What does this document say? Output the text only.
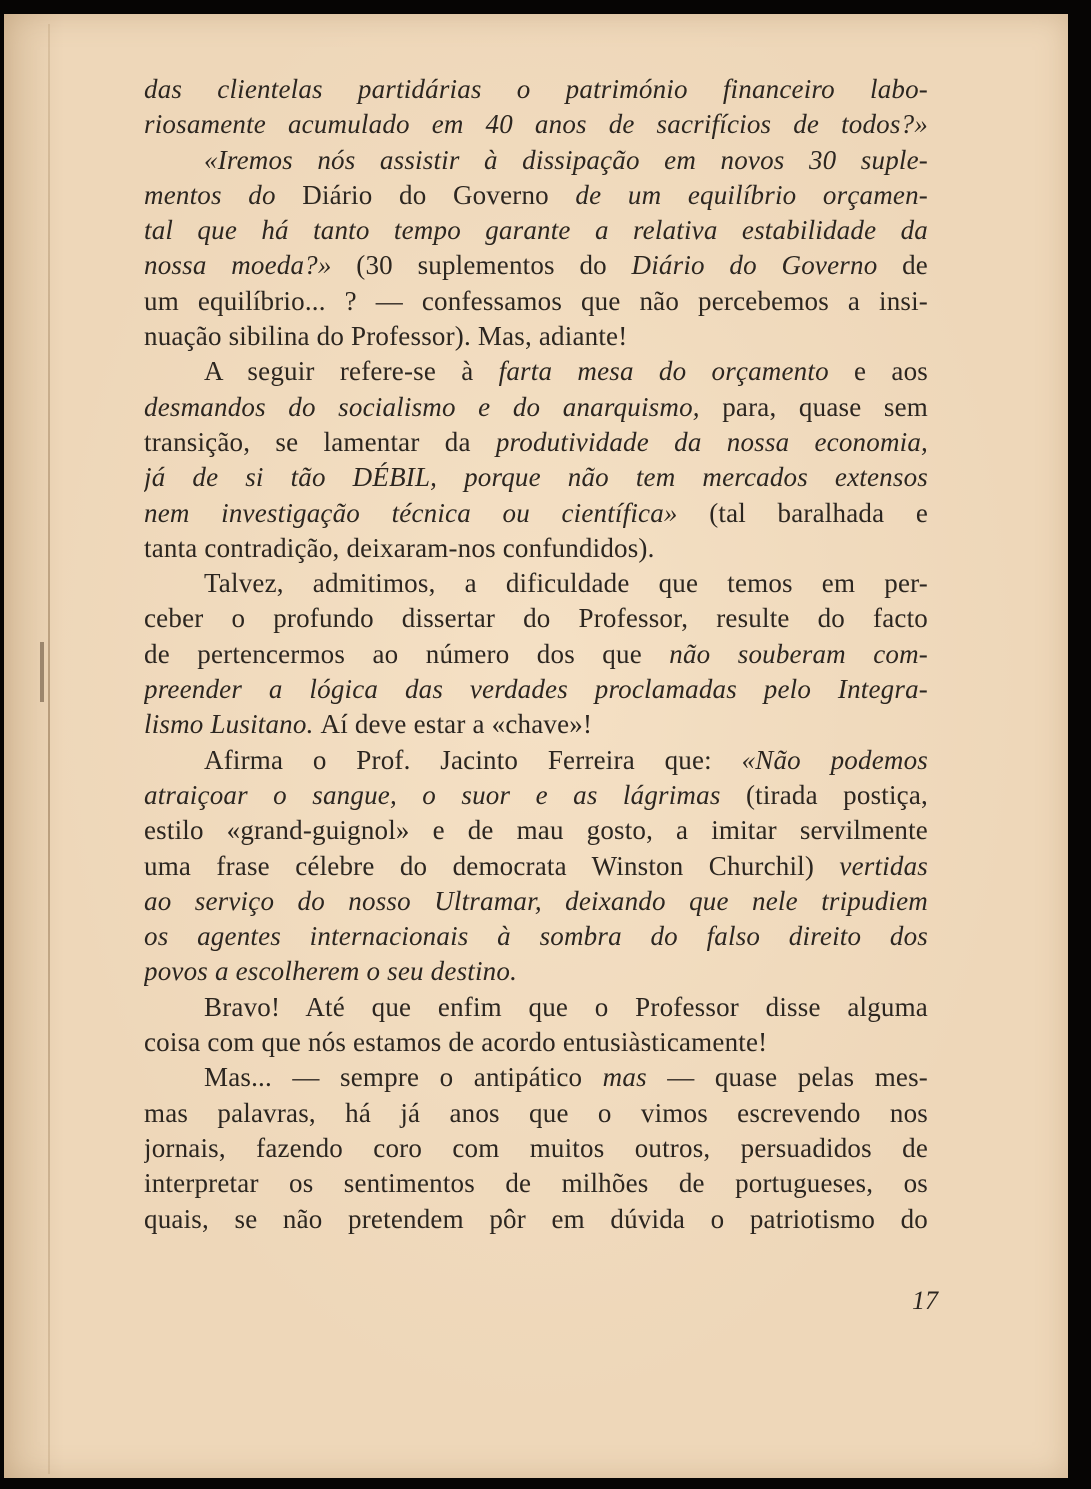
das clientelas partidárias o património financeiro labo-
riosamente acumulado em 40 anos de sacrifícios de todos?»
«Iremos nós assistir à dissipação em novos 30 suple-
mentos do Diário do Governo de um equilíbrio orçamen-
tal que há tanto tempo garante a relativa estabilidade da
nossa moeda?» (30 suplementos do Diário do Governo de
um equilíbrio... ? — confessamos que não percebemos a insi-
nuação sibilina do Professor). Mas, adiante!
A seguir refere-se à farta mesa do orçamento e aos
desmandos do socialismo e do anarquismo, para, quase sem
transição, se lamentar da produtividade da nossa economia,
já de si tão DÉBIL, porque não tem mercados extensos
nem investigação técnica ou científica» (tal baralhada e
tanta contradição, deixaram-nos confundidos).
Talvez, admitimos, a dificuldade que temos em per-
ceber o profundo dissertar do Professor, resulte do facto
de pertencermos ao número dos que não souberam com-
preender a lógica das verdades proclamadas pelo Integra-
lismo Lusitano. Aí deve estar a «chave»!
Afirma o Prof. Jacinto Ferreira que: «Não podemos
atraiçoar o sangue, o suor e as lágrimas (tirada postiça,
estilo «grand-guignol» e de mau gosto, a imitar servilmente
uma frase célebre do democrata Winston Churchil) vertidas
ao serviço do nosso Ultramar, deixando que nele tripudiem
os agentes internacionais à sombra do falso direito dos
povos a escolherem o seu destino.
Bravo! Até que enfim que o Professor disse alguma
coisa com que nós estamos de acordo entusiàsticamente!
Mas... — sempre o antipático mas — quase pelas mes-
mas palavras, há já anos que o vimos escrevendo nos
jornais, fazendo coro com muitos outros, persuadidos de
interpretar os sentimentos de milhões de portugueses, os
quais, se não pretendem pôr em dúvida o patriotismo do
17
